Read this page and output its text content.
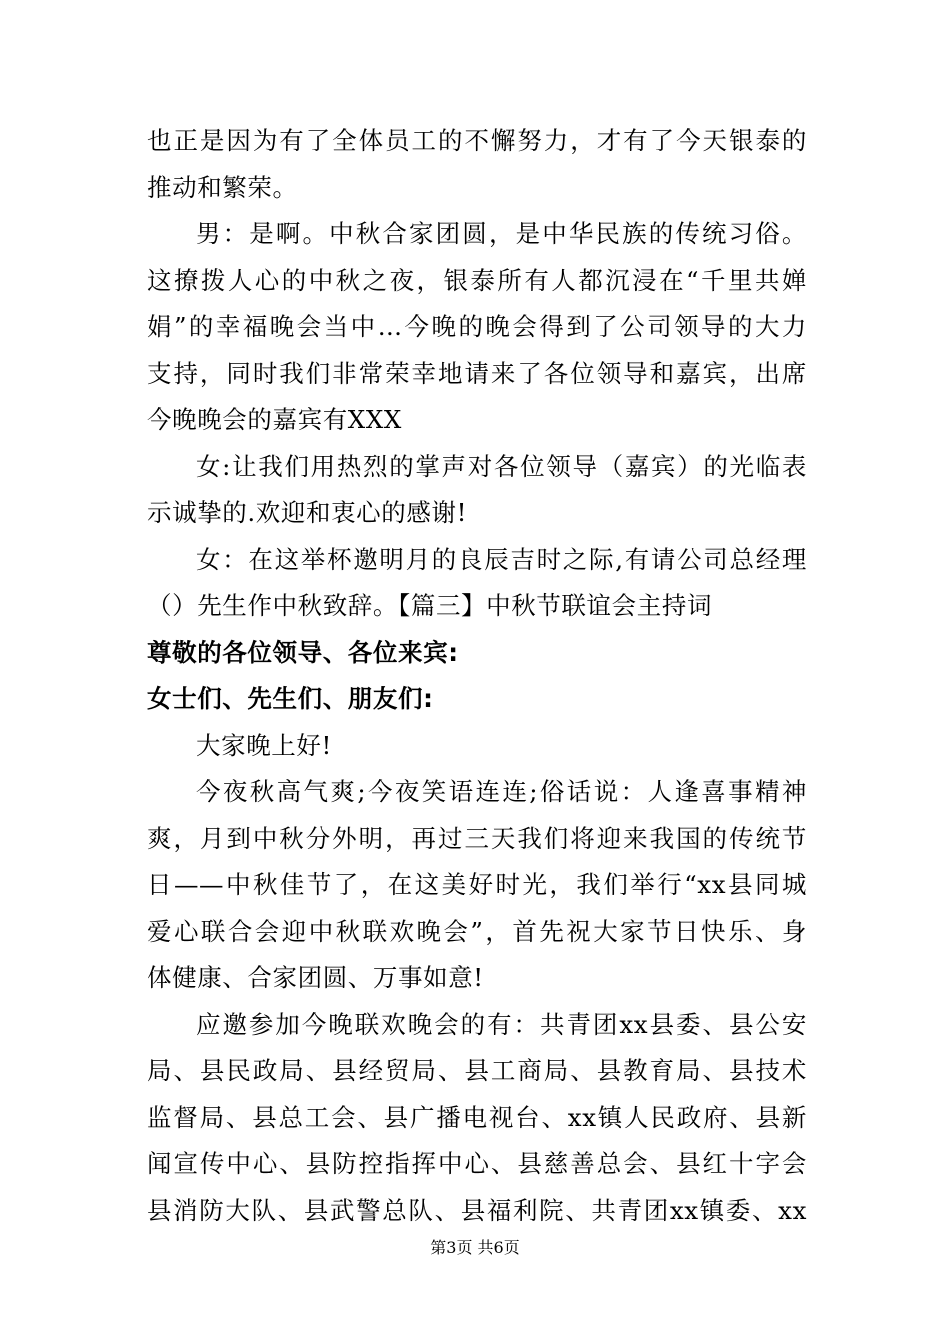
也正是因为有了全体员工的不懈努力，才有了今天银泰的
推动和繁荣。
男：是啊。中秋合家团圆，是中华民族的传统习俗。
这撩拨人心的中秋之夜，银泰所有人都沉浸在“千里共婵
娟”的幸福晚会当中…今晚的晚会得到了公司领导的大力
支持，同时我们非常荣幸地请来了各位领导和嘉宾，出席
今晚晚会的嘉宾有XXX
女:让我们用热烈的掌声对各位领导（嘉宾）的光临表
示诚挚的.欢迎和衷心的感谢!
女：在这举杯邀明月的良辰吉时之际,有请公司总经理
（）先生作中秋致辞。【篇三】中秋节联谊会主持词
尊敬的各位领导、各位来宾:
女士们、先生们、朋友们:
大家晚上好!
今夜秋高气爽;今夜笑语连连;俗话说：人逢喜事精神
爽，月到中秋分外明，再过三天我们将迎来我国的传统节
日——中秋佳节了，在这美好时光，我们举行“xx县同城
爱心联合会迎中秋联欢晚会”，首先祝大家节日快乐、身
体健康、合家团圆、万事如意!
应邀参加今晚联欢晚会的有：共青团xx县委、县公安
局、县民政局、县经贸局、县工商局、县教育局、县技术
监督局、县总工会、县广播电视台、xx镇人民政府、县新
闻宣传中心、县防控指挥中心、县慈善总会、县红十字会
县消防大队、县武警总队、县福利院、共青团xx镇委、xx
第3页 共6页
